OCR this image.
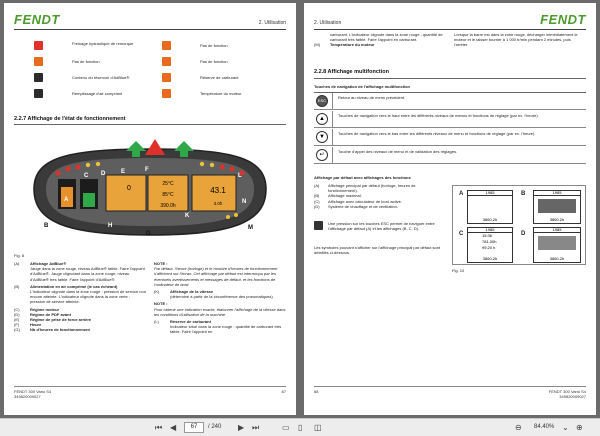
FENDT	2. Utilisation
Freinage hydraulique de remorque	Pas de fonction
Pas de fonction	Pas de fonction
Contenu du réservoir d'AdBlue®	Réserve de carburant
Remplissage d'air comprimé	Température du moteur
2.2.7 Affichage de l'état de fonctionnement
0
25°C
85°C
390.0h
43.1
3.0h
A
B
C D	E	F
G
H
K
L
M
N
Fig. 8
(A)	Affichage AdBlue®
Jauge dans la zone rouge, niveau AdBlue® faible. Faire l'appoint d'AdBlue®. Jauge clignotant dans la zone rouge, niveau d'AdBlue® très faible. Faire l'appoint d'AdBlue®.
(B)	Alimentation en air comprimé (le cas échéant)
L'indicateur clignote dans la zone rouge : pression de service non encore atteinte. L'indicateur clignote dans la zone verte : pression de service atteinte.
(C)	Régime moteur
(D)	Régime de PDF avant
(E)	Régime de prise de force arrière
(F)	Heure
(G)	Nb d'heures de fonctionnement
NOTE :
Par défaut, l'heure (horloge) et le nombre d'heures de fonctionnement s'affichent sur l'écran. Cet affichage par défaut est interrompu par les éventuels avertissements et messages de défaut, et les fonctions de l'ordinateur de bord.
(K)	Affichage de la vitesse
(déterminé à partir de la circonférence des pneumatiques)
NOTE :
Pour obtenir une indication exacte, étalonner l'affichage de la vitesse dans les conditions d'utilisation de la machine.
(L)	Réserve de carburant
Indicateur situé dans la zone rouge : quantité de carburant très faible. Faire l'appoint en
FENDT 300 Vario S4
349820009027
87
2. Utilisation	FENDT
carburant. L'indicateur clignote dans la zone rouge : quantité de carburant très faible. Faire l'appoint en carburant.
(M)	Température du moteur
Lorsque la barre est dans la zone rouge, décharger immédiatement le moteur et le laisser tourner à 1 000 tr/min pendant 2 minutes, puis l'arrêter.
2.2.8 Affichage multifonction
Touches de navigation de l'affichage multifonction
ESC
Retour au niveau de menu précédent.
▲
Touches de navigation vers le haut entre les différents niveaux de menus et fonctions de réglage (par ex. l'heure).
▼
Touches de navigation vers le bas entre les différents niveaux de menu et fonctions de réglage (par ex. l'heure).
↵
Touche d'appel des niveaux de menu et de validation des réglages.
Affichage par défaut avec affichages des fonctions
(A)	Affichage principal par défaut (horloge, heures de fonctionnement).
(B)	Affichage maximal.
(C)	Affichage avec calculateur de bord activé.
(D)	Système de chauffage et de ventilation.
Une pression sur les touches ESC permet de naviguer entre l'affichage par défaut (A) et les affichages (B, C, D).
Les symboles pouvant s'afficher sur l'affichage principal par défaut sont détaillés ci-dessous.
A	1985
3860.2h
B	1985
3860.2h
C
1985
15:36
781.00h
99.20 h
3860.2h
D
1985
3860.2h
Fig. 10
88	FENDT 300 Vario S4
349820009027
⏮ ◀	67	/ 240 ▶ ⏭	▭ ▯ ◫	⊖ 84.40% ⌄ ⊕
